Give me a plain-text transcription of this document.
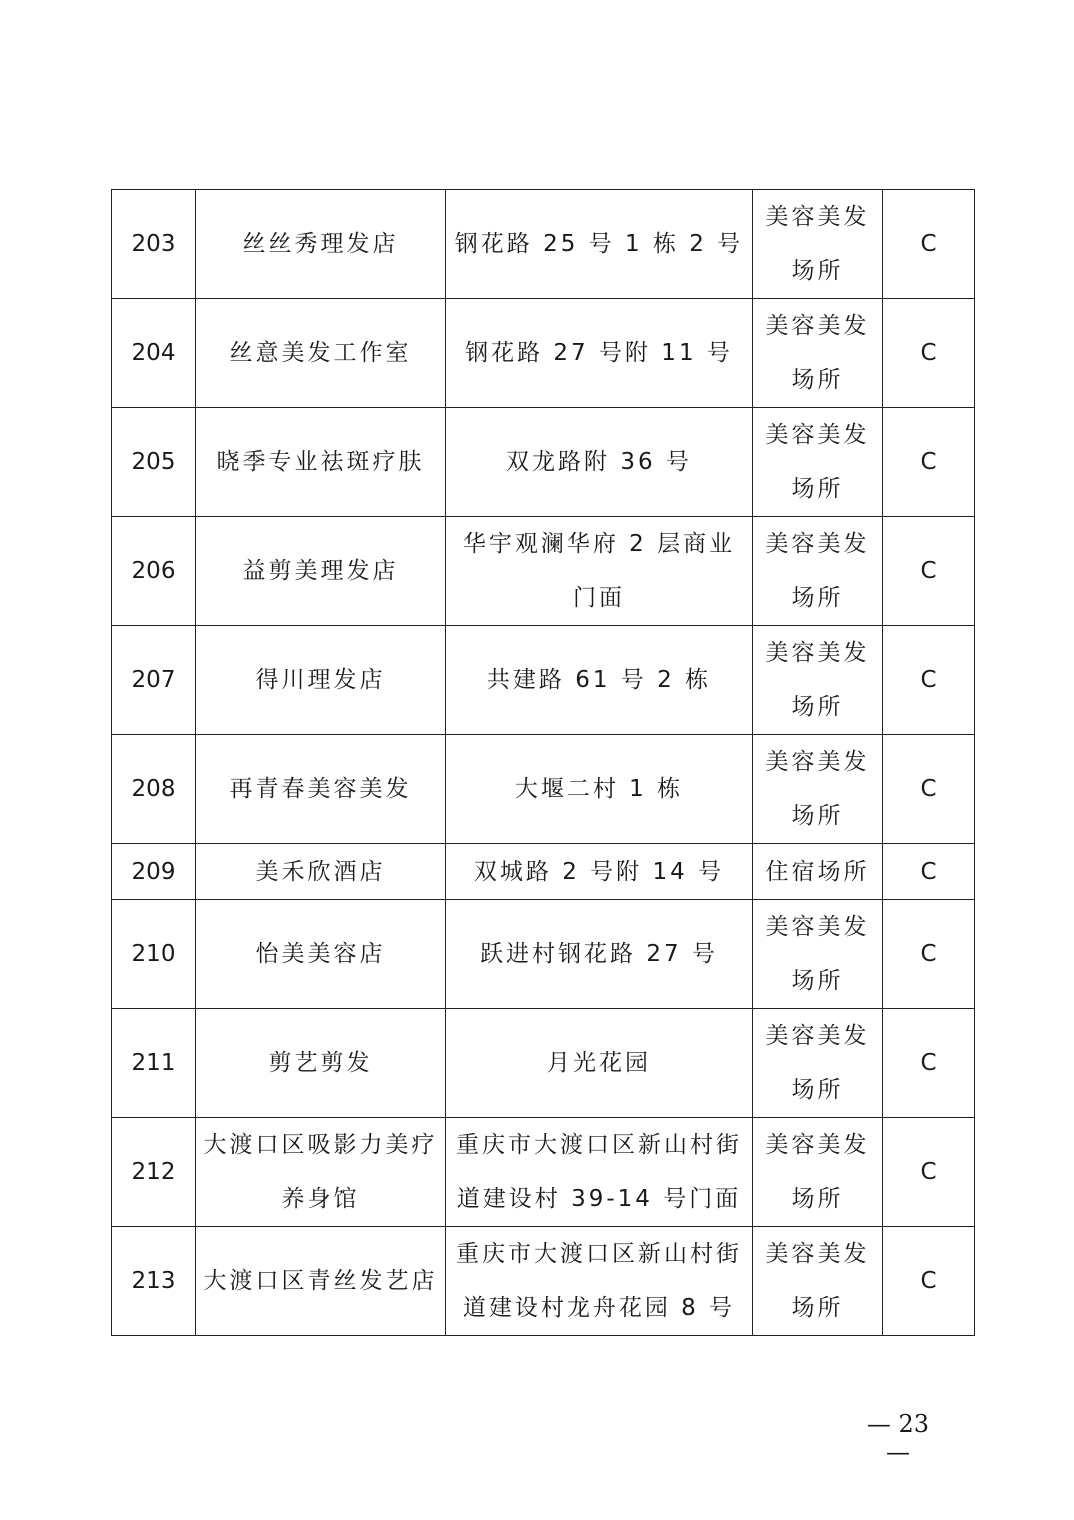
203	丝丝秀理发店	钢花路 25 号 1 栋 2 号	美容美发场所	C
204	丝意美发工作室	钢花路 27 号附 11 号	美容美发场所	C
205	晓季专业祛斑疗肤	双龙路附 36 号	美容美发场所	C
206	益剪美理发店	华宇观澜华府 2 层商业门面	美容美发场所	C
207	得川理发店	共建路 61 号 2 栋	美容美发场所	C
208	再青春美容美发	大堰二村 1 栋	美容美发场所	C
209	美禾欣酒店	双城路 2 号附 14 号	住宿场所	C
210	怡美美容店	跃进村钢花路 27 号	美容美发场所	C
211	剪艺剪发	月光花园	美容美发场所	C
212	大渡口区吸影力美疗养身馆	重庆市大渡口区新山村街道建设村 39-14 号门面	美容美发场所	C
213	大渡口区青丝发艺店	重庆市大渡口区新山村街道建设村龙舟花园 8 号	美容美发场所	C
— 23 —
